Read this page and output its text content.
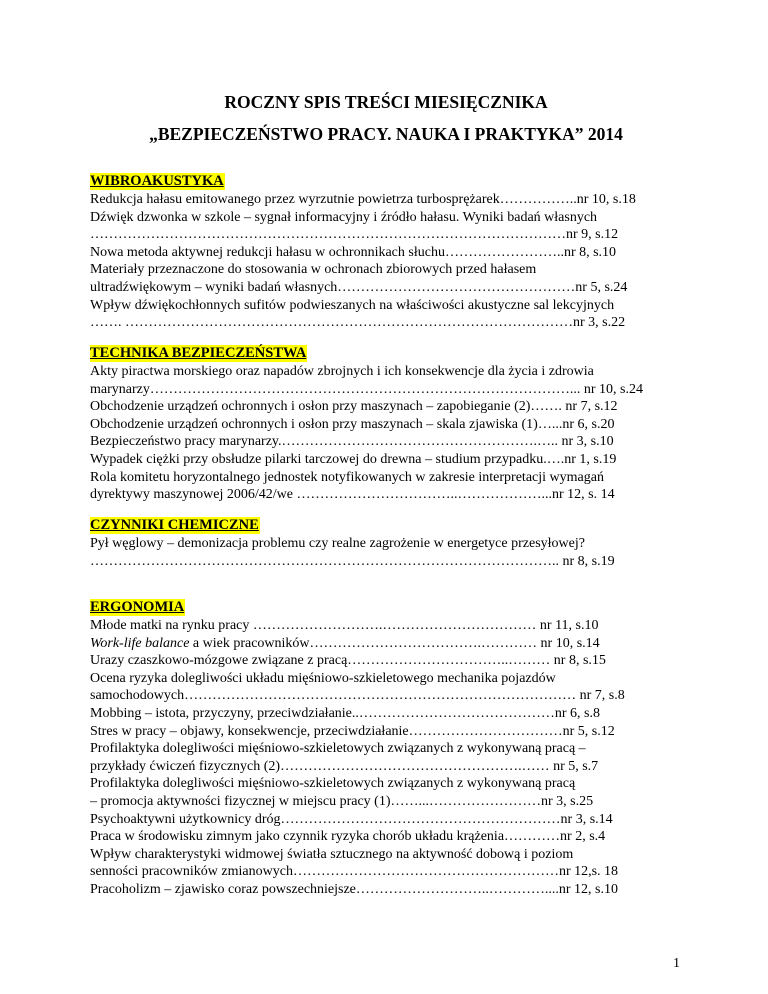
ROCZNY SPIS TREŚCI MIESIĘCZNIKA

„BEZPIECZEŃSTWO PRACY. NAUKA I PRAKTYKA” 2014

WIBROAKUSTYKA
Redukcja hałasu emitowanego przez wyrzutnie powietrza turbosprężarek……………..nr 10, s.18
Dźwięk dzwonka w szkole – sygnał informacyjny i źródło hałasu. Wyniki badań własnych
…………………………………………………………………………………………nr 9, s.12
Nowa metoda aktywnej redukcji hałasu w ochronnikach słuchu……………………..nr 8, s.10
Materiały przeznaczone do stosowania w ochronach zbiorowych przed hałasem
ultradźwiękowym – wyniki badań własnych……………………………………………nr 5, s.24
Wpływ dźwiękochłonnych sufitów podwieszanych na właściwości akustyczne sal lekcyjnych
……. ……………………………………………………………………………………nr 3, s.22
TECHNIKA BEZPIECZEŃSTWA
Akty piractwa morskiego oraz napadów zbrojnych i ich konsekwencje dla życia i zdrowia
marynarzy………………………………………………………………………………... nr 10, s.24
Obchodzenie urządzeń ochronnych i osłon przy maszynach – zapobieganie (2)……. nr 7, s.12
Obchodzenie urządzeń ochronnych i osłon przy maszynach – skala zjawiska (1)…...nr 6, s.20
Bezpieczeństwo pracy marynarzy.……………………………………………….….. nr 3, s.10
Wypadek ciężki przy obsłudze pilarki tarczowej do drewna – studium przypadku.….nr 1, s.19
Rola komitetu horyzontalnego jednostek notyfikowanych w zakresie interpretacji wymagań
dyrektywy maszynowej 2006/42/we ……………………………..………………...nr 12, s. 14
CZYNNIKI CHEMICZNE
Pył węglowy – demonizacja problemu czy realne zagrożenie w energetyce przesyłowej?
……………………………………………………………………………………….. nr 8, s.19
ERGONOMIA
Młode matki na rynku pracy ……………………….…………………………… nr 11, s.10
Work-life balance a wiek pracowników……………………………….………… nr 10, s.14
Urazy czaszkowo-mózgowe związane z pracą……………………………..……… nr 8, s.15
Ocena ryzyka dolegliwości układu mięśniowo-szkieletowego mechanika pojazdów
samochodowych………………………………………………………………………… nr 7, s.8
Mobbing – istota, przyczyny, przeciwdziałanie..……………………………………nr 6, s.8
Stres w pracy – objawy, konsekwencje, przeciwdziałanie……………………………nr 5, s.12
Profilaktyka dolegliwości mięśniowo-szkieletowych związanych z wykonywaną pracą –
przykłady ćwiczeń fizycznych (2)…………………………………………….…… nr 5, s.7
Profilaktyka dolegliwości mięśniowo-szkieletowych związanych z wykonywaną pracą
– promocja aktywności fizycznej w miejscu pracy (1)……...……………………nr 3, s.25
Psychoaktywni użytkownicy dróg……………………………………………………nr 3, s.14
Praca w środowisku zimnym jako czynnik ryzyka chorób układu krążenia…………nr 2, s.4
Wpływ charakterystyki widmowej światła sztucznego na aktywność dobową i poziom
senności pracowników zmianowych…………………………………………………nr 12,s. 18
Pracoholizm – zjawisko coraz powszechniejsze………………………..…………....nr 12, s.10
1
